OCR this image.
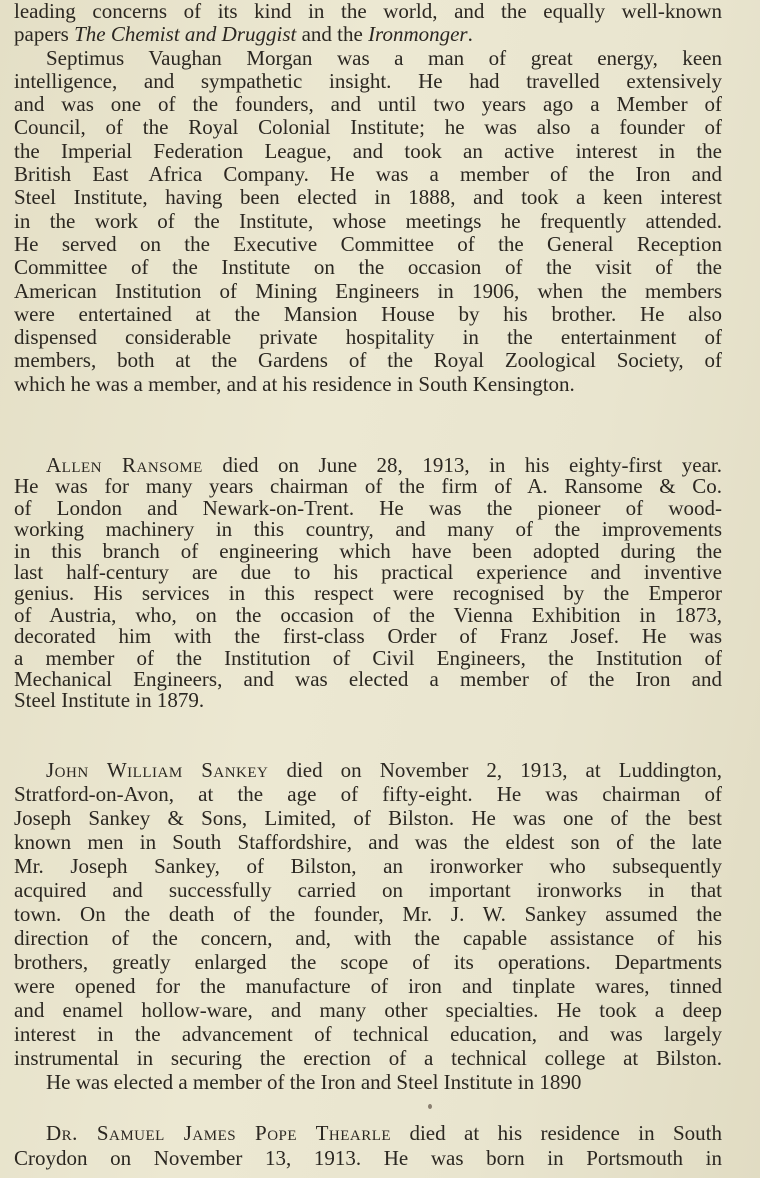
leading concerns of its kind in the world, and the equally well-known
papers The Chemist and Druggist and the Ironmonger.
Septimus Vaughan Morgan was a man of great energy, keen
intelligence, and sympathetic insight. He had travelled extensively
and was one of the founders, and until two years ago a Member of
Council, of the Royal Colonial Institute; he was also a founder of
the Imperial Federation League, and took an active interest in the
British East Africa Company. He was a member of the Iron and
Steel Institute, having been elected in 1888, and took a keen interest
in the work of the Institute, whose meetings he frequently attended.
He served on the Executive Committee of the General Reception
Committee of the Institute on the occasion of the visit of the
American Institution of Mining Engineers in 1906, when the members
were entertained at the Mansion House by his brother. He also
dispensed considerable private hospitality in the entertainment of
members, both at the Gardens of the Royal Zoological Society, of
which he was a member, and at his residence in South Kensington.
Allen Ransome died on June 28, 1913, in his eighty-first year.
He was for many years chairman of the firm of A. Ransome & Co.
of London and Newark-on-Trent. He was the pioneer of wood-
working machinery in this country, and many of the improvements
in this branch of engineering which have been adopted during the
last half-century are due to his practical experience and inventive
genius. His services in this respect were recognised by the Emperor
of Austria, who, on the occasion of the Vienna Exhibition in 1873,
decorated him with the first-class Order of Franz Josef. He was
a member of the Institution of Civil Engineers, the Institution of
Mechanical Engineers, and was elected a member of the Iron and
Steel Institute in 1879.
John William Sankey died on November 2, 1913, at Luddington,
Stratford-on-Avon, at the age of fifty-eight. He was chairman of
Joseph Sankey & Sons, Limited, of Bilston. He was one of the best
known men in South Staffordshire, and was the eldest son of the late
Mr. Joseph Sankey, of Bilston, an ironworker who subsequently
acquired and successfully carried on important ironworks in that
town. On the death of the founder, Mr. J. W. Sankey assumed the
direction of the concern, and, with the capable assistance of his
brothers, greatly enlarged the scope of its operations. Departments
were opened for the manufacture of iron and tinplate wares, tinned
and enamel hollow-ware, and many other specialties. He took a deep
interest in the advancement of technical education, and was largely
instrumental in securing the erection of a technical college at Bilston.
He was elected a member of the Iron and Steel Institute in 1890
Dr. Samuel James Pope Thearle died at his residence in South
Croydon on November 13, 1913. He was born in Portsmouth in
